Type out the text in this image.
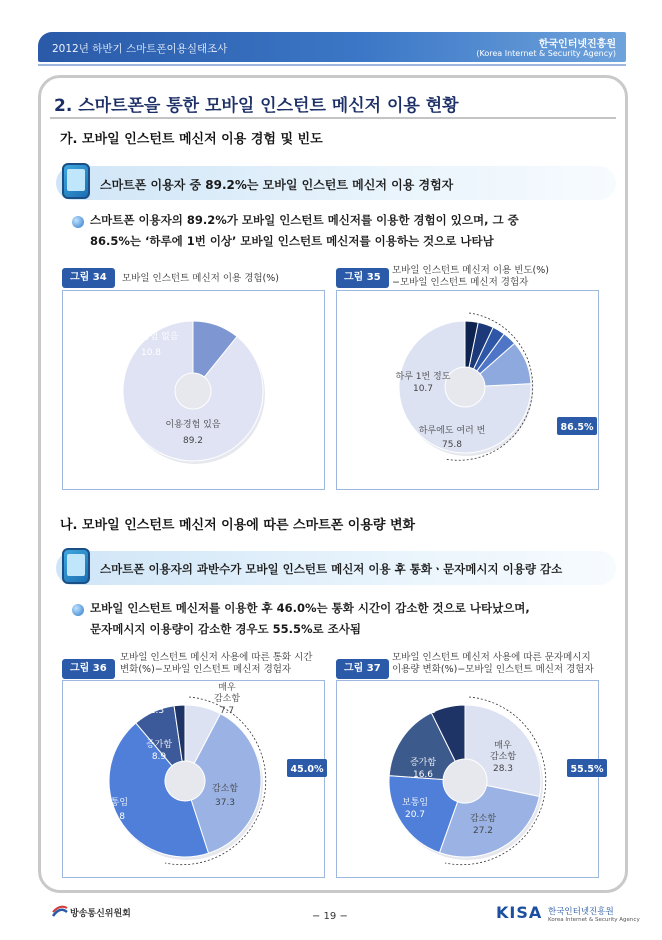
2012년 하반기 스마트폰이용실태조사	한국인터넷진흥원
(Korea Internet & Security Agency)
2. 스마트폰을 통한 모바일 인스턴트 메신저 이용 현황
가. 모바일 인스턴트 메신저 이용 경험 및 빈도
스마트폰 이용자 중 89.2%는 모바일 인스턴트 메신저 이용 경험자
스마트폰 이용자의 89.2%가 모바일 인스턴트 메신저를 이용한 경험이 있으며, 그 중
86.5%는 ‘하루에 1번 이상’ 모바일 인스턴트 메신저를 이용하는 것으로 나타남
그림 34	모바일 인스턴트 메신저 이용 경험(%)
이용경험 있음
89.2
이용경험 없음
10.8
그림 35
모바일 인스턴트 메신저 이용 빈도(%)
−모바일 인스턴트 메신저 경험자
하루에도 여러 번
75.8
하루 1번 정도
10.7
1주 3-4회
3.4
하루 1번 정도
3.1
월 1-3회
3.8
월 1회 미만
3.2
86.5%
나. 모바일 인스턴트 메신저 이용에 따른 스마트폰 이용량 변화
스마트폰 이용자의 과반수가 모바일 인스턴트 메신저 이용 후 통화ㆍ문자메시지 이용량 감소
모바일 인스턴트 메신저를 이용한 후 46.0%는 통화 시간이 감소한 것으로 나타났으며,
문자메시지 이용량이 감소한 경우도 55.5%로 조사됨
그림 36
모바일 인스턴트 메신저 사용에 따른 통화 시간
변화(%)−모바일 인스턴트 메신저 경험자
매우
감소함
7.7
감소함
37.3
보통임
43.8
증가함
8.9
매우
증가함
2.3
45.0%
그림 37
모바일 인스턴트 메신저 사용에 따른 문자메시지
이용량 변화(%)−모바일 인스턴트 메신저 경험자
매우
감소함
28.3
감소함
27.2
보통임
20.7
증가함
16.6
매우
증가함
7.3
55.5%
방송통신위원회	− 19 −	KISA 한국인터넷진흥원
Korea Internet & Security Agency
